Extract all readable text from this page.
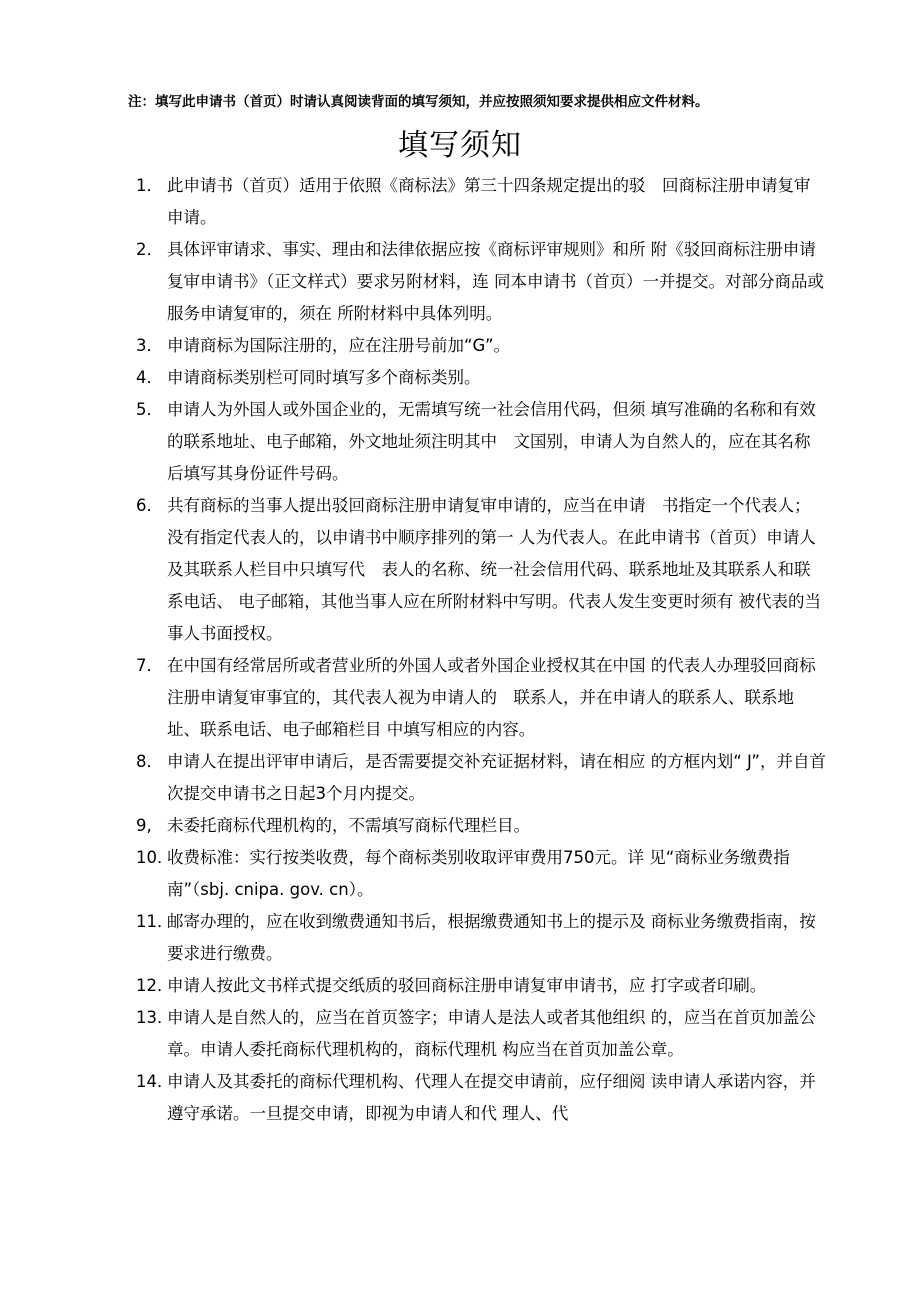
注：填写此申请书（首页）时请认真阅读背面的填写须知，并应按照须知要求提供相应文件材料。
填写须知
1． 此申请书（首页）适用于依照《商标法》第三十四条规定提出的驳　回商标注册申请复审申请。
2． 具体评审请求、事实、理由和法律依据应按《商标评审规则》和所 附《驳回商标注册申请复审申请书》（正文样式）要求另附材料，连 同本申请书（首页）一并提交。对部分商品或服务申请复审的，须在 所附材料中具体列明。
3． 申请商标为国际注册的，应在注册号前加“G”。
4． 申请商标类别栏可同时填写多个商标类别。
5． 申请人为外国人或外国企业的，无需填写统一社会信用代码，但须 填写准确的名称和有效的联系地址、电子邮箱，外文地址须注明其中　文国别，申请人为自然人的，应在其名称后填写其身份证件号码。
6． 共有商标的当事人提出驳回商标注册申请复审申请的，应当在申请　书指定一个代表人；没有指定代表人的，以申请书中顺序排列的第一 人为代表人。在此申请书（首页）申请人及其联系人栏目中只填写代　表人的名称、统一社会信用代码、联系地址及其联系人和联系电话、 电子邮箱，其他当事人应在所附材料中写明。代表人发生变更时须有 被代表的当事人书面授权。
7． 在中国有经常居所或者营业所的外国人或者外国企业授权其在中国 的代表人办理驳回商标注册申请复审事宜的，其代表人视为申请人的　联系人，并在申请人的联系人、联系地址、联系电话、电子邮箱栏目 中填写相应的内容。
8． 申请人在提出评审申请后，是否需要提交补充证据材料，请在相应 的方框内划“ J”，并自首次提交申请书之日起3个月内提交。
9, 未委托商标代理机构的，不需填写商标代理栏目。
10．
收费标准：实行按类收费，每个商标类别收取评审费用750元。详 见“商标业务缴费指南”（sbj. cnipa. gov. cn）。
11．
邮寄办理的，应在收到缴费通知书后，根据缴费通知书上的提示及 商标业务缴费指南，按要求进行缴费。
12．
申请人按此文书样式提交纸质的驳回商标注册申请复审申请书，应 打字或者印刷。
13．
申请人是自然人的，应当在首页签字；申请人是法人或者其他组织 的，应当在首页加盖公章。申请人委托商标代理机构的，商标代理机 构应当在首页加盖公章。
14．
申请人及其委托的商标代理机构、代理人在提交申请前，应仔细阅 读申请人承诺内容，并遵守承诺。一旦提交申请，即视为申请人和代 理人、代
